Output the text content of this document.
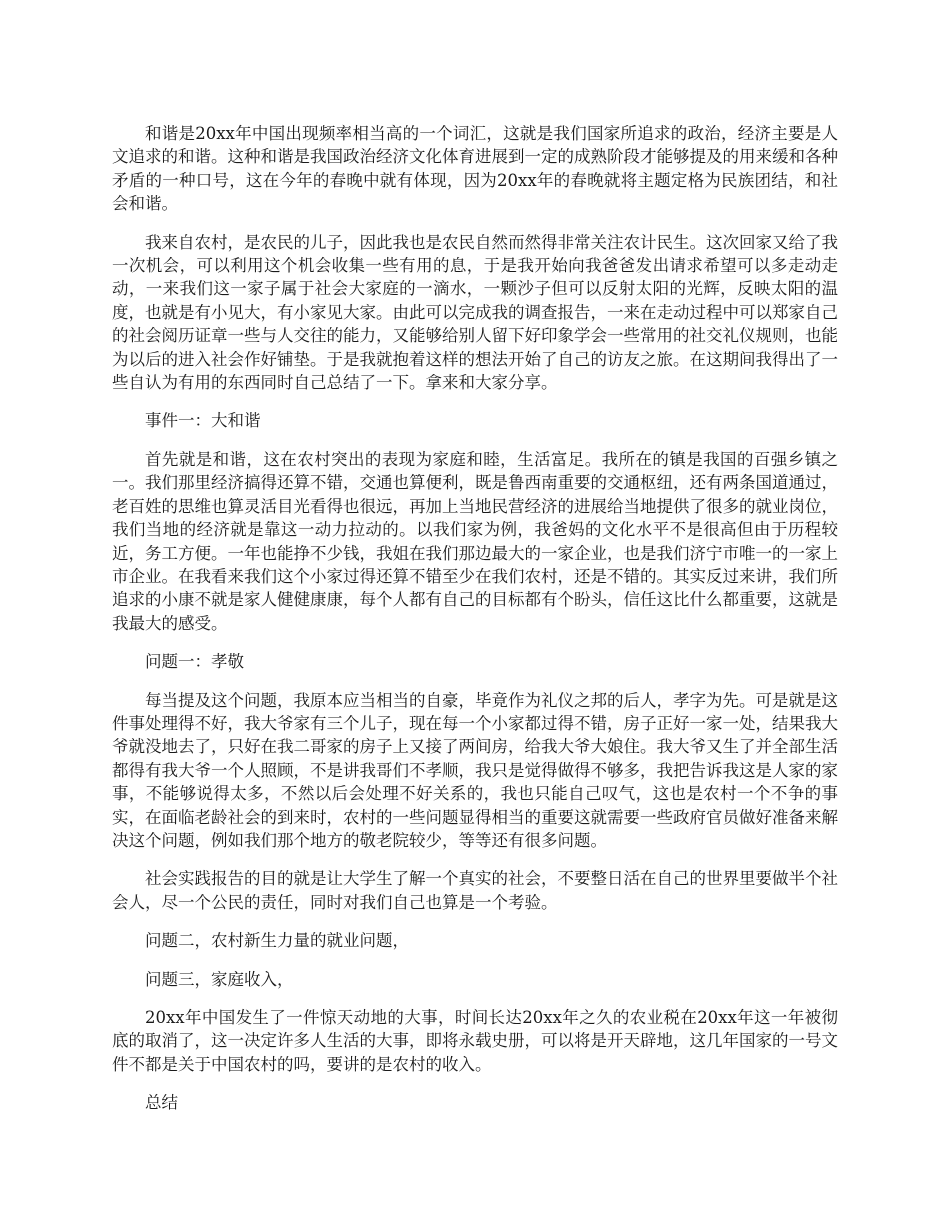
和谐是20xx年中国出现频率相当高的一个词汇，这就是我们国家所追求的政治，经济主要是人文追求的和谐。这种和谐是我国政治经济文化体育进展到一定的成熟阶段才能够提及的用来缓和各种矛盾的一种口号，这在今年的春晚中就有体现，因为20xx年的春晚就将主题定格为民族团结，和社会和谐。

我来自农村，是农民的儿子，因此我也是农民自然而然得非常关注农计民生。这次回家又给了我一次机会，可以利用这个机会收集一些有用的息，于是我开始向我爸爸发出请求希望可以多走动走动，一来我们这一家子属于社会大家庭的一滴水，一颗沙子但可以反射太阳的光辉，反映太阳的温度，也就是有小见大，有小家见大家。由此可以完成我的调查报告，一来在走动过程中可以郑家自己的社会阅历证章一些与人交往的能力，又能够给别人留下好印象学会一些常用的社交礼仪规则，也能为以后的进入社会作好铺垫。于是我就抱着这样的想法开始了自己的访友之旅。在这期间我得出了一些自认为有用的东西同时自己总结了一下。拿来和大家分享。

事件一：大和谐

首先就是和谐，这在农村突出的表现为家庭和睦，生活富足。我所在的镇是我国的百强乡镇之一。我们那里经济搞得还算不错，交通也算便利，既是鲁西南重要的交通枢纽，还有两条国道通过，老百姓的思维也算灵活目光看得也很远，再加上当地民营经济的进展给当地提供了很多的就业岗位，我们当地的经济就是靠这一动力拉动的。以我们家为例，我爸妈的文化水平不是很高但由于历程较近，务工方便。一年也能挣不少钱，我姐在我们那边最大的一家企业，也是我们济宁市唯一的一家上市企业。在我看来我们这个小家过得还算不错至少在我们农村，还是不错的。其实反过来讲，我们所追求的小康不就是家人健健康康，每个人都有自己的目标都有个盼头，信任这比什么都重要，这就是我最大的感受。

问题一：孝敬

每当提及这个问题，我原本应当相当的自豪，毕竟作为礼仪之邦的后人，孝字为先。可是就是这件事处理得不好，我大爷家有三个儿子，现在每一个小家都过得不错，房子正好一家一处，结果我大爷就没地去了，只好在我二哥家的房子上又接了两间房，给我大爷大娘住。我大爷又生了并全部生活都得有我大爷一个人照顾，不是讲我哥们不孝顺，我只是觉得做得不够多，我把告诉我这是人家的家事，不能够说得太多，不然以后会处理不好关系的，我也只能自己叹气，这也是农村一个不争的事实，在面临老龄社会的到来时，农村的一些问题显得相当的重要这就需要一些政府官员做好准备来解决这个问题，例如我们那个地方的敬老院较少，等等还有很多问题。

社会实践报告的目的就是让大学生了解一个真实的社会，不要整日活在自己的世界里要做半个社会人，尽一个公民的责任，同时对我们自己也算是一个考验。

问题二，农村新生力量的就业问题，

问题三，家庭收入，

20xx年中国发生了一件惊天动地的大事，时间长达20xx年之久的农业税在20xx年这一年被彻底的取消了，这一决定许多人生活的大事，即将永载史册，可以将是开天辟地，这几年国家的一号文件不都是关于中国农村的吗，要讲的是农村的收入。

总结
